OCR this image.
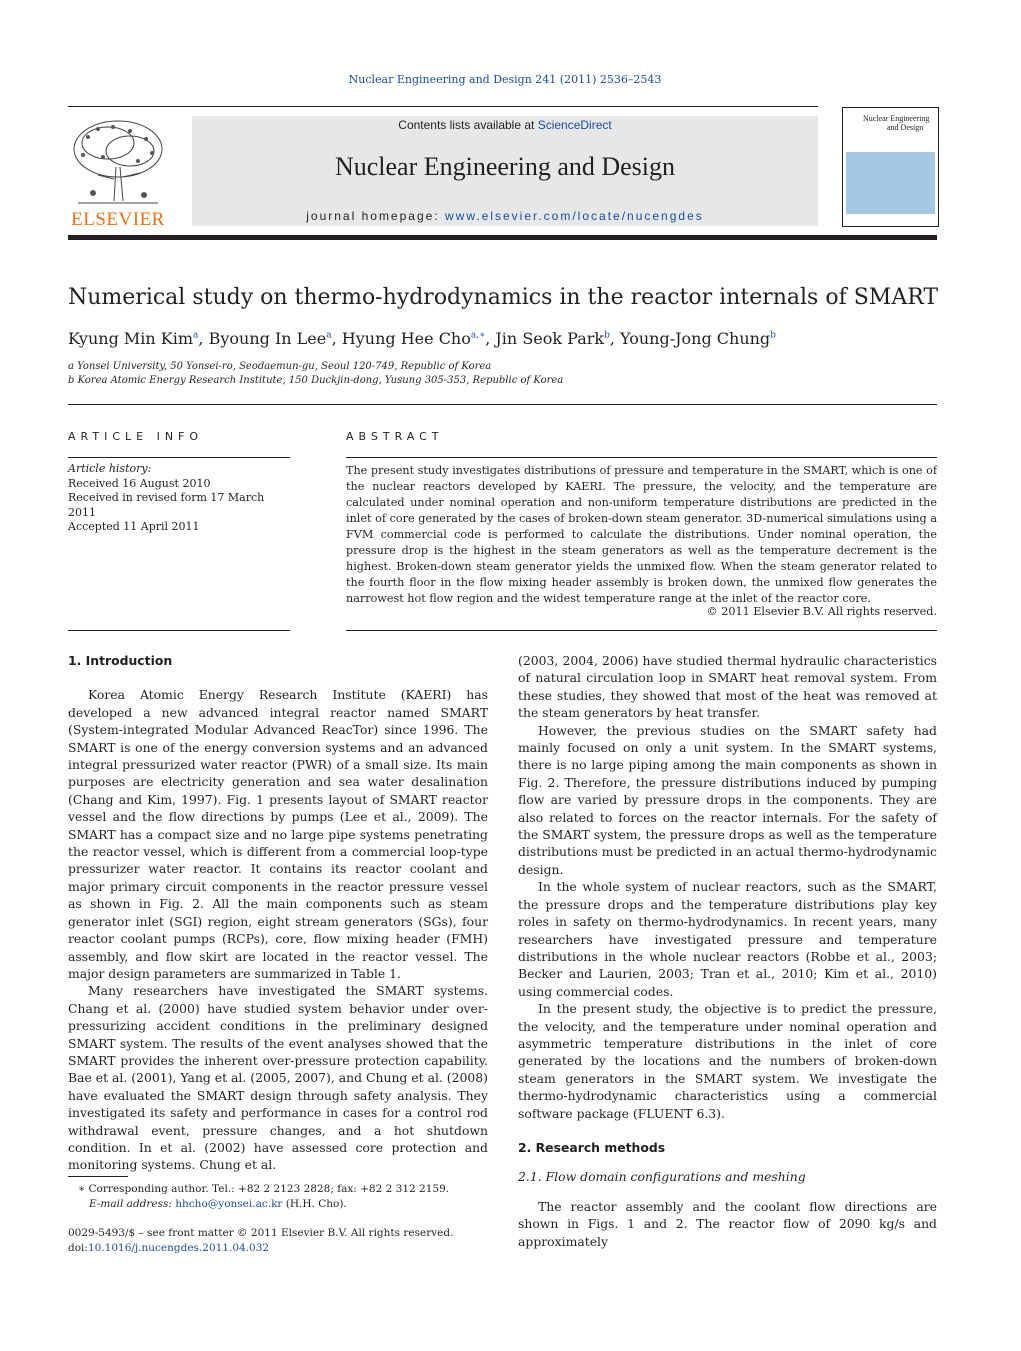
Nuclear Engineering and Design 241 (2011) 2536–2543
ELSEVIER
Contents lists available at ScienceDirect
Nuclear Engineering and Design
journal homepage: www.elsevier.com/locate/nucengdes
Nuclear Engineering
and Design
Numerical study on thermo-hydrodynamics in the reactor internals of SMART
Kyung Min Kim$^a$, Byoung In Lee$^a$, Hyung Hee Cho$^{a,∗}$, Jin Seok Park$^b$, Young-Jong Chung$^b$
a Yonsei University, 50 Yonsei-ro, Seodaemun-gu, Seoul 120-749, Republic of Korea
b Korea Atomic Energy Research Institute, 150 Duckjin-dong, Yusung 305-353, Republic of Korea
ARTICLE INFO
Article history:
Received 16 August 2010
Received in revised form 17 March 2011
Accepted 11 April 2011
ABSTRACT
The present study investigates distributions of pressure and temperature in the SMART, which is one of the nuclear reactors developed by KAERI. The pressure, the velocity, and the temperature are calculated under nominal operation and non-uniform temperature distributions are predicted in the inlet of core generated by the cases of broken-down steam generator. 3D-numerical simulations using a FVM commercial code is performed to calculate the distributions. Under nominal operation, the pressure drop is the highest in the steam generators as well as the temperature decrement is the highest. Broken-down steam generator yields the unmixed flow. When the steam generator related to the fourth floor in the flow mixing header assembly is broken down, the unmixed flow generates the narrowest hot flow region and the widest temperature range at the inlet of the reactor core.
© 2011 Elsevier B.V. All rights reserved.
1. Introduction

Korea Atomic Energy Research Institute (KAERI) has developed a new advanced integral reactor named SMART (System-integrated Modular Advanced ReacTor) since 1996. The SMART is one of the energy conversion systems and an advanced integral pressurized water reactor (PWR) of a small size. Its main purposes are electricity generation and sea water desalination (Chang and Kim, 1997). Fig. 1 presents layout of SMART reactor vessel and the flow directions by pumps (Lee et al., 2009). The SMART has a compact size and no large pipe systems penetrating the reactor vessel, which is different from a commercial loop-type pressurizer water reactor. It contains its reactor coolant and major primary circuit components in the reactor pressure vessel as shown in Fig. 2. All the main components such as steam generator inlet (SGI) region, eight stream generators (SGs), four reactor coolant pumps (RCPs), core, flow mixing header (FMH) assembly, and flow skirt are located in the reactor vessel. The major design parameters are summarized in Table 1.

Many researchers have investigated the SMART systems. Chang et al. (2000) have studied system behavior under over-pressurizing accident conditions in the preliminary designed SMART system. The results of the event analyses showed that the SMART provides the inherent over-pressure protection capability. Bae et al. (2001), Yang et al. (2005, 2007), and Chung et al. (2008) have evaluated the SMART design through safety analysis. They investigated its safety and performance in cases for a control rod withdrawal event, pressure changes, and a hot shutdown condition. In et al. (2002) have assessed core protection and monitoring systems. Chung et al.

(2003, 2004, 2006) have studied thermal hydraulic characteristics of natural circulation loop in SMART heat removal system. From these studies, they showed that most of the heat was removed at the steam generators by heat transfer.

However, the previous studies on the SMART safety had mainly focused on only a unit system. In the SMART systems, there is no large piping among the main components as shown in Fig. 2. Therefore, the pressure distributions induced by pumping flow are varied by pressure drops in the components. They are also related to forces on the reactor internals. For the safety of the SMART system, the pressure drops as well as the temperature distributions must be predicted in an actual thermo-hydrodynamic design.

In the whole system of nuclear reactors, such as the SMART, the pressure drops and the temperature distributions play key roles in safety on thermo-hydrodynamics. In recent years, many researchers have investigated pressure and temperature distributions in the whole nuclear reactors (Robbe et al., 2003; Becker and Laurien, 2003; Tran et al., 2010; Kim et al., 2010) using commercial codes.

In the present study, the objective is to predict the pressure, the velocity, and the temperature under nominal operation and asymmetric temperature distributions in the inlet of core generated by the locations and the numbers of broken-down steam generators in the SMART system. We investigate the thermo-hydrodynamic characteristics using a commercial software package (FLUENT 6.3).

2. Research methods
2.1. Flow domain configurations and meshing

The reactor assembly and the coolant flow directions are shown in Figs. 1 and 2. The reactor flow of 2090 kg/s and approximately

∗ Corresponding author. Tel.: +82 2 2123 2828; fax: +82 2 312 2159.
E-mail address: hhcho@yonsei.ac.kr (H.H. Cho).
0029-5493/$ – see front matter © 2011 Elsevier B.V. All rights reserved.
doi:10.1016/j.nucengdes.2011.04.032
